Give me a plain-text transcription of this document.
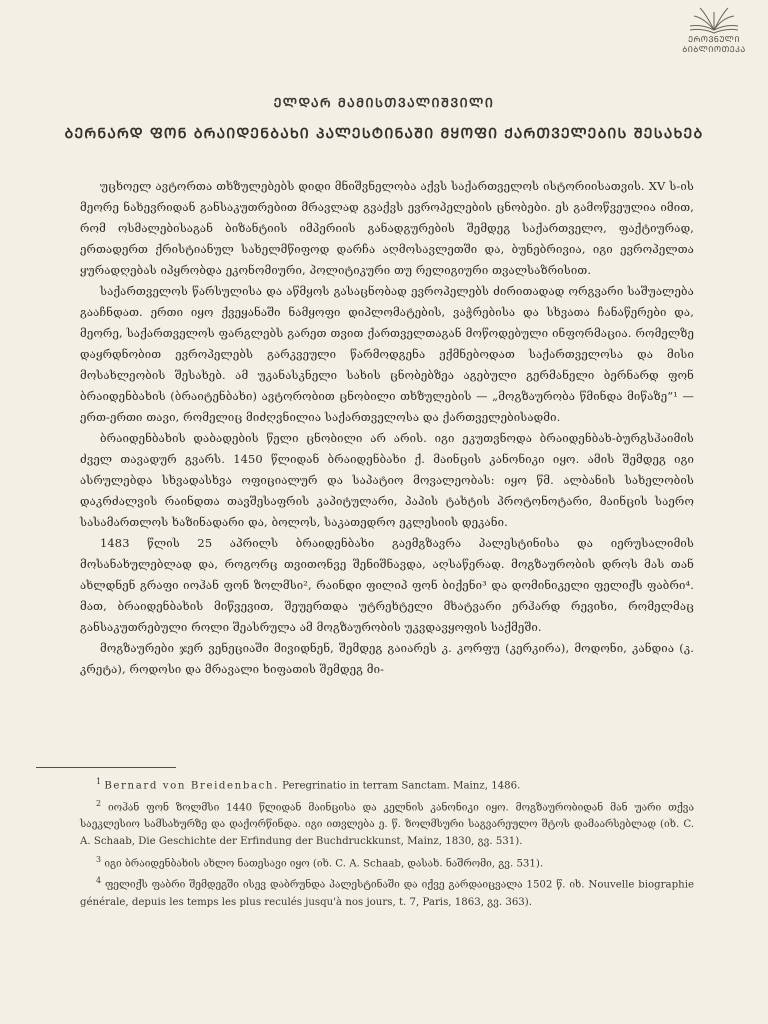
ᲔᲠᲝᲕᲜᲣᲚᲘ
ᲑᲘᲑᲚᲘᲝᲗᲔᲙᲐ
ᲔᲚᲓᲐᲠ ᲛᲐᲛᲘᲡᲗᲕᲐᲚᲘᲨᲕᲘᲚᲘ
ᲑᲔᲠᲜᲐᲠᲓ ᲤᲝᲜ ᲑᲠᲐᲘᲓᲔᲜᲑᲐᲮᲘ ᲞᲐᲚᲔᲡᲢᲘᲜᲐᲨᲘ ᲛᲧᲝᲤᲘ ᲥᲐᲠᲗᲕᲔᲚᲔᲑᲘᲡ ᲨᲔᲡᲐᲮᲔᲑ

უცხოელ ავტორთა თხზულებებს დიდი მნიშვნელობა აქვს საქართველოს ისტორიისათვის. XV ს-ის მეორე ნახევრიდან განსაკუთრებით მრავლად გვაქვს ევროპელების ცნობები. ეს გამოწვეულია იმით, რომ ოსმალებისაგან ბიზანტიის იმპერიის განადგურების შემდეგ საქართველო, ფაქტიურად, ერთადერთ ქრისტიანულ სახელმწიფოდ დარჩა აღმოსავლეთში და, ბუნებრივია, იგი ევროპელთა ყურადღებას იპყრობდა ეკონომიური, პოლიტიკური თუ რელიგიური თვალსაზრისით.

საქართველოს წარსულისა და აწმყოს გასაცნობად ევროპელებს ძირითადად ორგვარი საშუალება გააჩნდათ. ერთი იყო ქვეყანაში ნამყოფი დიპლომატების, ვაჭრებისა და სხვათა ჩანაწერები და, მეორე, საქართველოს ფარგლებს გარეთ თვით ქართველთაგან მოწოდებული ინფორმაცია. რომელზე დაყრდნობით ევროპელებს გარკვეული წარმოდგენა ექმნებოდათ საქართველოსა და მისი მოსახლეობის შესახებ. ამ უკანასკნელი სახის ცნობებზეა აგებული გერმანელი ბერნარდ ფონ ბრაიდენბახის (ბრაიტენბახი) ავტორობით ცნობილი თხზულების — „მოგზაურობა წმინდა მიწაზე“¹ — ერთ-ერთი თავი, რომელიც მიძღვნილია საქართველოსა და ქართველებისადმი.

ბრაიდენბახის დაბადების წელი ცნობილი არ არის. იგი ეკუთვნოდა ბრაიდენბახ-ბურგსჰაიმის ძველ თავადურ გვარს. 1450 წლიდან ბრაიდენბახი ქ. მაინცის კანონიკი იყო. ამის შემდეგ იგი ასრულებდა სხვადასხვა ოფიციალურ და საპატიო მოვალეობას: იყო წმ. ალბანის სახელობის დაკრძალვის რაინდთა თავშესაფრის კაპიტულარი, პაპის ტახტის პროტონოტარი, მაინცის საერო სასამართლოს ხაზინადარი და, ბოლოს, საკათედრო ეკლესიის დეკანი.

1483 წლის 25 აპრილს ბრაიდენბახი გაემგზავრა პალესტინისა და იერუსალიმის მოსანახულებლად და, როგორც თვითონვე შენიშნავდა, აღსაწერად. მოგზაურობის დროს მას თან ახლდნენ გრაფი იოჰან ფონ ზოლმსი², რაინდი ფილიპ ფონ ბიქენი³ და დომინიკელი ფელიქს ფაბრი⁴. მათ, ბრაიდენბახის მიწვევით, შეუერთდა უტრეხტელი მხატვარი ერჰარდ რევიხი, რომელმაც განსაკუთრებული როლი შეასრულა ამ მოგზაურობის უკვდავყოფის საქმეში.

მოგზაურები ჯერ ვენეციაში მივიდნენ, შემდეგ გაიარეს კ. კორფუ (კერკირა), მოდონი, კანდია (კ. კრეტა), როდოსი და მრავალი ხიფათის შემდეგ მი-

$^1$ Bernard von Breidenbach. Peregrinatio in terram Sanctam. Mainz, 1486.

$^2$ იოჰან ფონ ზოლმსი 1440 წლიდან მაინცისა და კელნის კანონიკი იყო. მოგზაურობიდან მან უარი თქვა საეკლესიო სამსახურზე და დაქორწინდა. იგი ითვლება ე. წ. ზოლმსური საგვარეულო შტოს დამაარსებლად (იხ. C. A. Schaab, Die Geschichte der Erfindung der Buchdruckkunst, Mainz, 1830, გვ. 531).

$^3$ იგი ბრაიდენბახის ახლო ნათესავი იყო (იხ. C. A. Schaab, დასახ. ნაშრომი, გვ. 531).

$^4$ ფელიქს ფაბრი შემდეგში ისევ დაბრუნდა პალესტინაში და იქვე გარდაიცვალა 1502 წ. იხ. Nouvelle biographie générale, depuis les temps les plus reculés jusqu'à nos jours, t. 7, Paris, 1863, გვ. 363).
